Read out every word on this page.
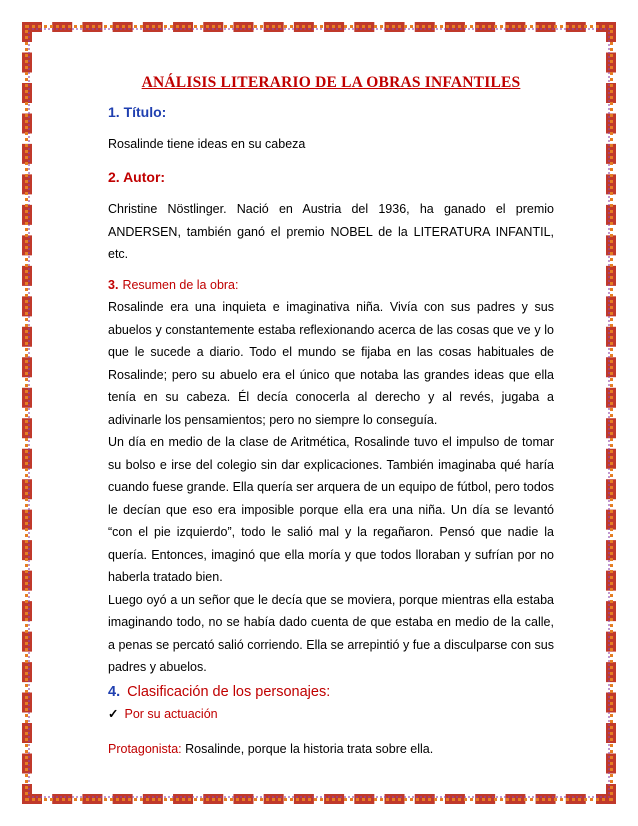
ANÁLISIS LITERARIO DE LA OBRAS INFANTILES
1. Título:

Rosalinde tiene ideas en su cabeza

2. Autor:

Christine Nöstlinger. Nació en Austria del 1936, ha ganado el premio ANDERSEN, también ganó el premio NOBEL de la LITERATURA INFANTIL, etc.

3. Resumen de la obra:

Rosalinde era una inquieta e imaginativa niña. Vivía con sus padres y sus abuelos y constantemente estaba reflexionando acerca de las cosas que ve y lo que le sucede a diario. Todo el mundo se fijaba en las cosas habituales de Rosalinde; pero su abuelo era el único que notaba las grandes ideas que ella tenía en su cabeza. Él decía conocerla al derecho y al revés, jugaba a adivinarle los pensamientos; pero no siempre lo conseguía.

Un día en medio de la clase de Aritmética, Rosalinde tuvo el impulso de tomar su bolso e irse del colegio sin dar explicaciones. También imaginaba qué haría cuando fuese grande. Ella quería ser arquera de un equipo de fútbol, pero todos le decían que eso era imposible porque ella era una niña. Un día se levantó “con el pie izquierdo”, todo le salió mal y la regañaron. Pensó que nadie la quería. Entonces, imaginó que ella moría y que todos lloraban y sufrían por no haberla tratado bien.

Luego oyó a un señor que le decía que se moviera, porque mientras ella estaba imaginando todo, no se había dado cuenta de que estaba en medio de la calle, a penas se percató salió corriendo. Ella se arrepintió y fue a disculparse con sus padres y abuelos.

4. Clasificación de los personajes:
✓ Por su actuación

Protagonista: Rosalinde, porque la historia trata sobre ella.
